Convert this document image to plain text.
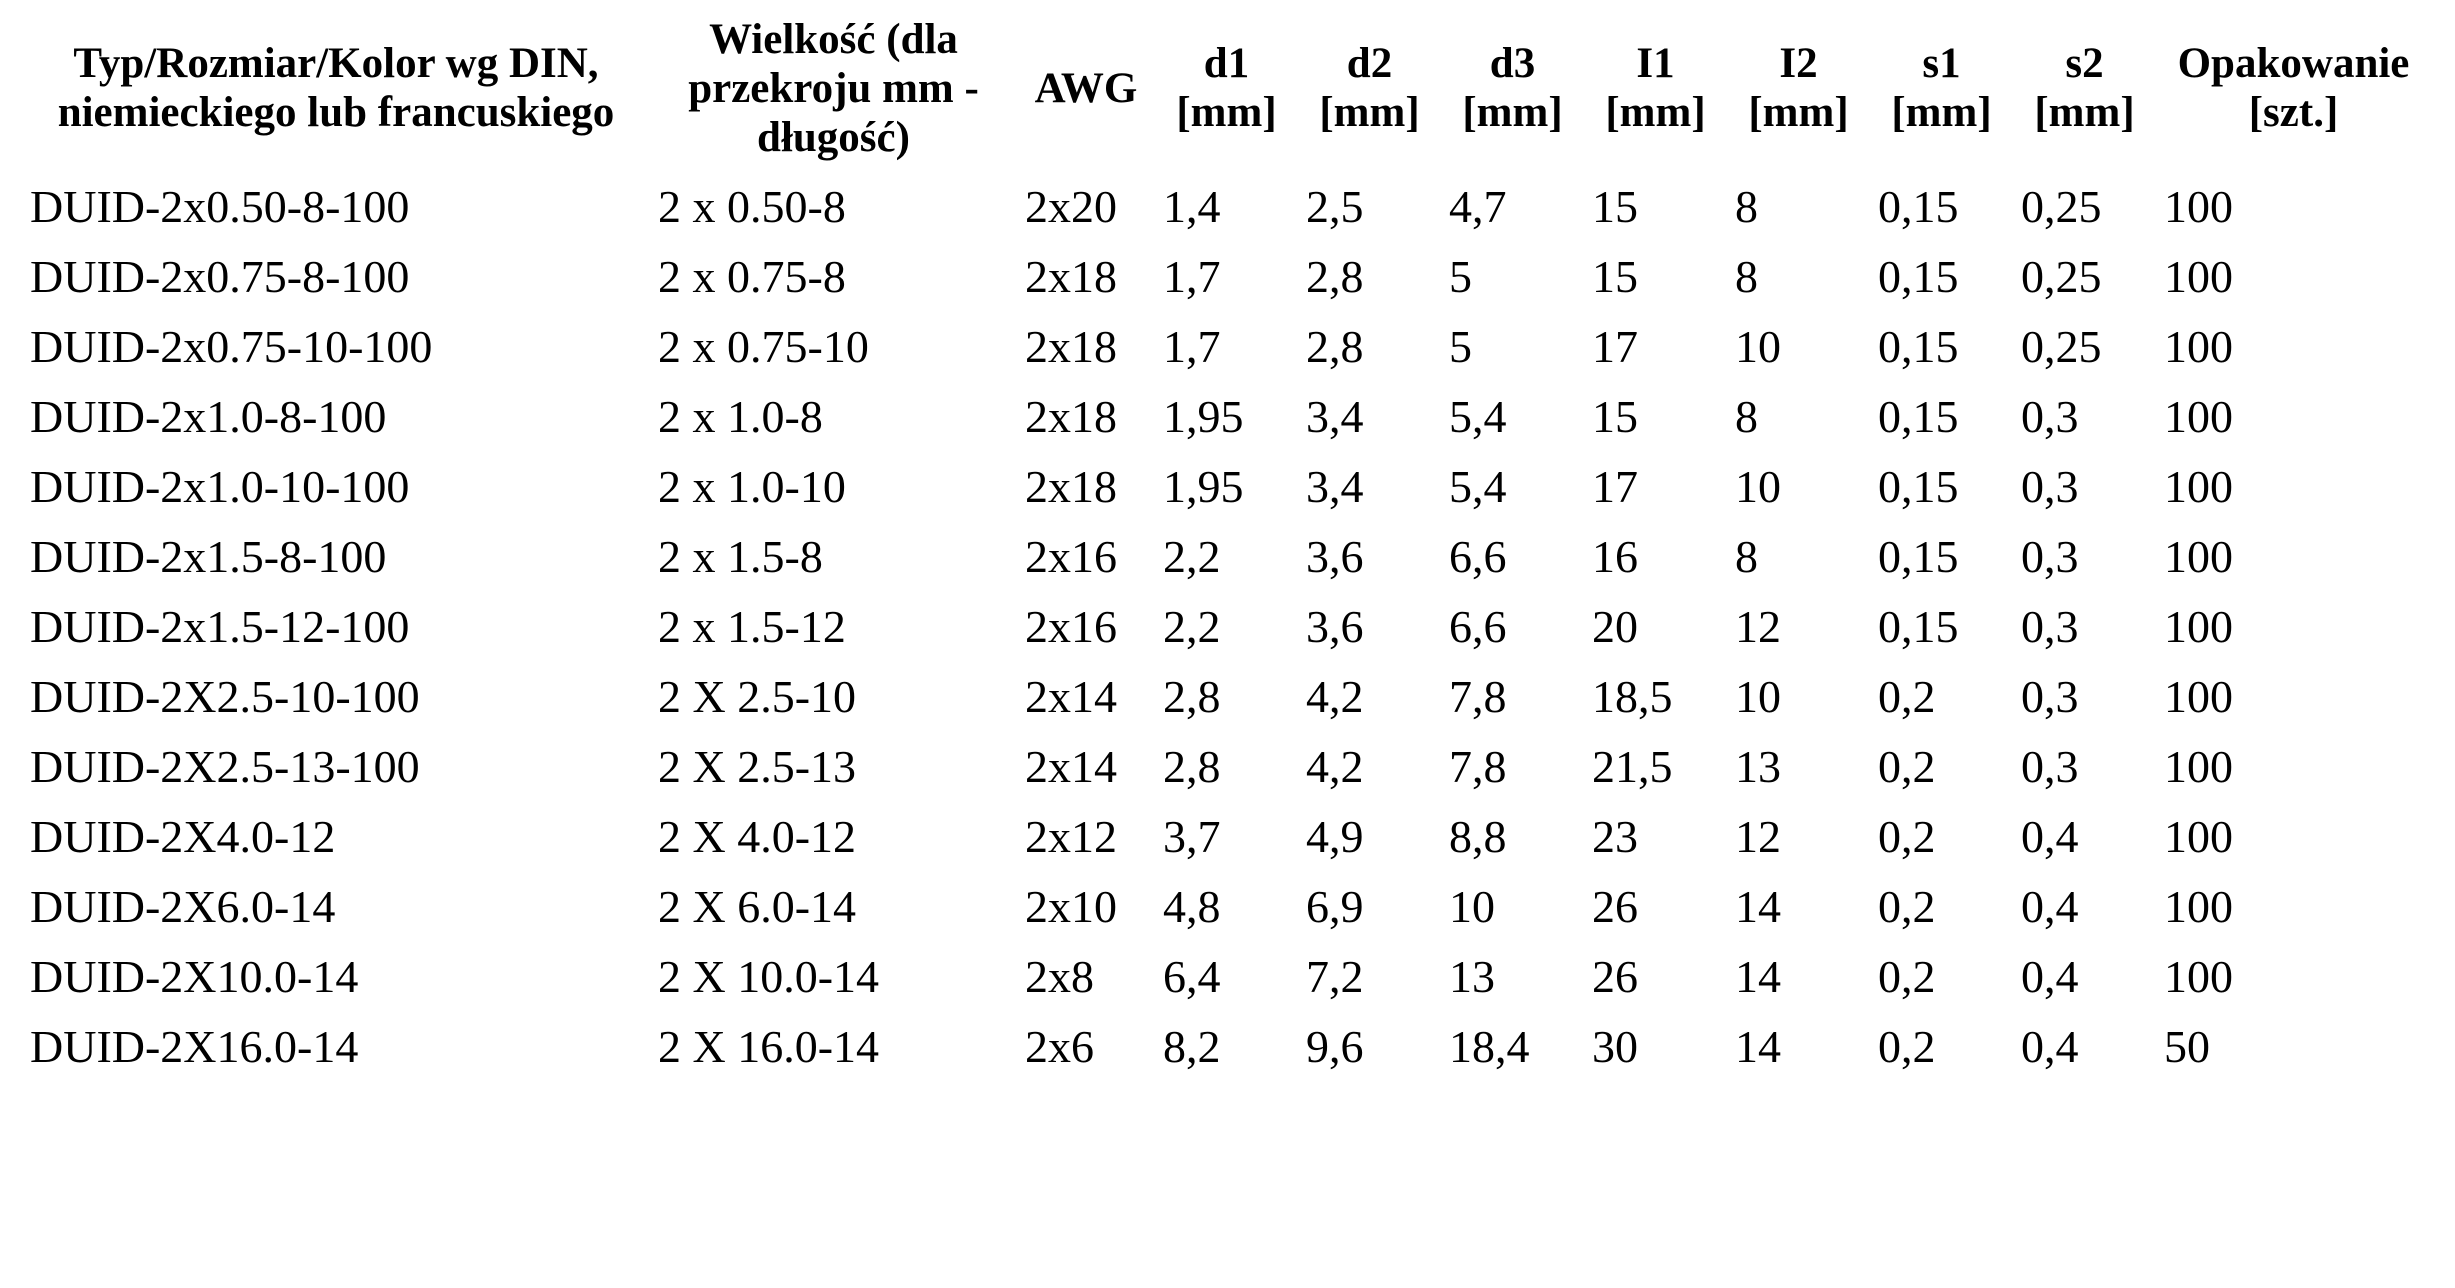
Typ/Rozmiar/Kolor wg DIN, niemieckiego lub francuskiego	Wielkość (dla przekroju mm - długość)	AWG	d1 [mm]	d2 [mm]	d3 [mm]	I1 [mm]	I2 [mm]	s1 [mm]	s2 [mm]	Opakowanie [szt.]
DUID-2x0.50-8-100	2 x 0.50-8	2x20	1,4	2,5	4,7	15	8	0,15	0,25	100
DUID-2x0.75-8-100	2 x 0.75-8	2x18	1,7	2,8	5	15	8	0,15	0,25	100
DUID-2x0.75-10-100	2 x 0.75-10	2x18	1,7	2,8	5	17	10	0,15	0,25	100
DUID-2x1.0-8-100	2 x 1.0-8	2x18	1,95	3,4	5,4	15	8	0,15	0,3	100
DUID-2x1.0-10-100	2 x 1.0-10	2x18	1,95	3,4	5,4	17	10	0,15	0,3	100
DUID-2x1.5-8-100	2 x 1.5-8	2x16	2,2	3,6	6,6	16	8	0,15	0,3	100
DUID-2x1.5-12-100	2 x 1.5-12	2x16	2,2	3,6	6,6	20	12	0,15	0,3	100
DUID-2X2.5-10-100	2 X 2.5-10	2x14	2,8	4,2	7,8	18,5	10	0,2	0,3	100
DUID-2X2.5-13-100	2 X 2.5-13	2x14	2,8	4,2	7,8	21,5	13	0,2	0,3	100
DUID-2X4.0-12	2 X 4.0-12	2x12	3,7	4,9	8,8	23	12	0,2	0,4	100
DUID-2X6.0-14	2 X 6.0-14	2x10	4,8	6,9	10	26	14	0,2	0,4	100
DUID-2X10.0-14	2 X 10.0-14	2x8	6,4	7,2	13	26	14	0,2	0,4	100
DUID-2X16.0-14	2 X 16.0-14	2x6	8,2	9,6	18,4	30	14	0,2	0,4	50
